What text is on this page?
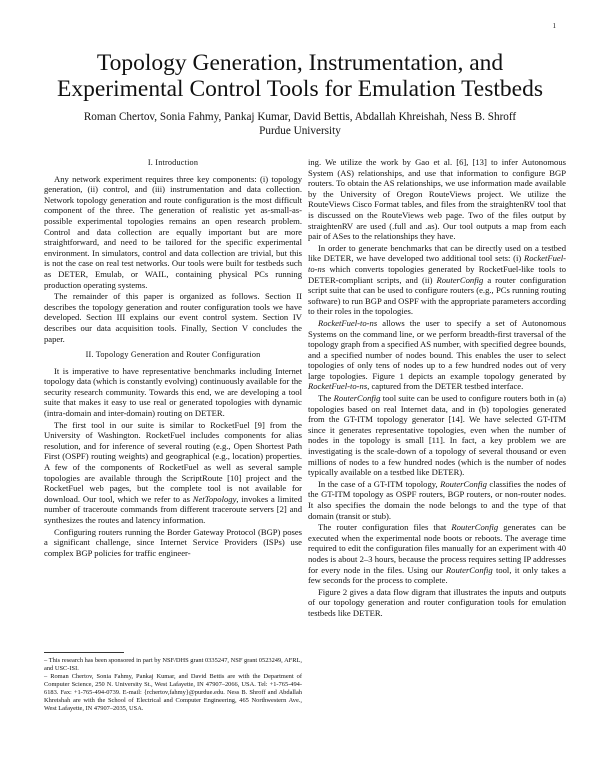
1
Topology Generation, Instrumentation, and Experimental Control Tools for Emulation Testbeds
Roman Chertov, Sonia Fahmy, Pankaj Kumar, David Bettis, Abdallah Khreishah, Ness B. Shroff
Purdue University
I. Introduction

Any network experiment requires three key components: (i) topology generation, (ii) control, and (iii) instrumentation and data collection. Network topology generation and route configuration is the most difficult component of the three. The generation of realistic yet as-small-as-possible experimental topologies remains an open research problem. Control and data collection are equally important but are more straightforward, and need to be tailored for the specific experimental environment. In simulators, control and data collection are trivial, but this is not the case on real test networks. Our tools were built for testbeds such as DETER, Emulab, or WAIL, containing physical PCs running production operating systems.

The remainder of this paper is organized as follows. Section II describes the topology generation and router configuration tools we have developed. Section III explains our event control system. Section IV describes our data acquisition tools. Finally, Section V concludes the paper.

II. Topology Generation and Router Configuration

It is imperative to have representative benchmarks including Internet topology data (which is constantly evolving) continuously available for the security research community. Towards this end, we are developing a tool suite that makes it easy to use real or generated topologies with dynamic (intra-domain and inter-domain) routing on DETER.

The first tool in our suite is similar to RocketFuel [9] from the University of Washington. RocketFuel includes components for alias resolution, and for inference of several routing (e.g., Open Shortest Path First (OSPF) routing weights) and geographical (e.g., location) properties. A few of the components of RocketFuel as well as several sample topologies are available through the ScriptRoute [10] project and the RocketFuel web pages, but the complete tool is not available for download. Our tool, which we refer to as NetTopology, invokes a limited number of traceroute commands from different traceroute servers [2] and synthesizes the routes and latency information.

Configuring routers running the Border Gateway Protocol (BGP) poses a significant challenge, since Internet Service Providers (ISPs) use complex BGP policies for traffic engineer-

– This research has been sponsored in part by NSF/DHS grant 0335247, NSF grant 0523249, AFRL, and USC-ISI.

– Roman Chertov, Sonia Fahmy, Pankaj Kumar, and David Bettis are with the Department of Computer Science, 250 N. University St., West Lafayette, IN 47907–2066, USA. Tel: +1-765-494-6183. Fax: +1-765-494-0739. E-mail: {rchertov,fahmy}@purdue.edu. Ness B. Shroff and Abdallah Khreishah are with the School of Electrical and Computer Engineering, 465 Northwestern Ave., West Lafayette, IN 47907–2035, USA.

ing. We utilize the work by Gao et al. [6], [13] to infer Autonomous System (AS) relationships, and use that information to configure BGP routers. To obtain the AS relationships, we use information made available by the University of Oregon RouteViews project. We utilize the RouteViews Cisco Format tables, and files from the straightenRV tool that is discussed on the RouteViews web page. Two of the files output by straightenRV are used (.full and .as). Our tool outputs a map from each pair of ASes to the relationships they have.

In order to generate benchmarks that can be directly used on a testbed like DETER, we have developed two additional tool sets: (i) RocketFuel-to-ns which converts topologies generated by RocketFuel-like tools to DETER-compliant scripts, and (ii) RouterConfig a router configuration script suite that can be used to configure routers (e.g., PCs running routing software) to run BGP and OSPF with the appropriate parameters according to their roles in the topologies.

RocketFuel-to-ns allows the user to specify a set of Autonomous Systems on the command line, or we perform breadth-first traversal of the topology graph from a specified AS number, with specified degree bounds, and a specified number of nodes bound. This enables the user to select topologies of only tens of nodes up to a few hundred nodes out of very large topologies. Figure 1 depicts an example topology generated by RocketFuel-to-ns, captured from the DETER testbed interface.

The RouterConfig tool suite can be used to configure routers both in (a) topologies based on real Internet data, and in (b) topologies generated from the GT-ITM topology generator [14]. We have selected GT-ITM since it generates representative topologies, even when the number of nodes in the topology is small [11]. In fact, a key problem we are investigating is the scale-down of a topology of several thousand or even millions of nodes to a few hundred nodes (which is the number of nodes typically available on a testbed like DETER).

In the case of a GT-ITM topology, RouterConfig classifies the nodes of the GT-ITM topology as OSPF routers, BGP routers, or non-router nodes. It also specifies the domain the node belongs to and the type of that domain (transit or stub).

The router configuration files that RouterConfig generates can be executed when the experimental node boots or reboots. The average time required to edit the configuration files manually for an experiment with 40 nodes is about 2–3 hours, because the process requires setting IP addresses for every node in the files. Using our RouterConfig tool, it only takes a few seconds for the process to complete.

Figure 2 gives a data flow digram that illustrates the inputs and outputs of our topology generation and router configuration tools for emulation testbeds like DETER.
